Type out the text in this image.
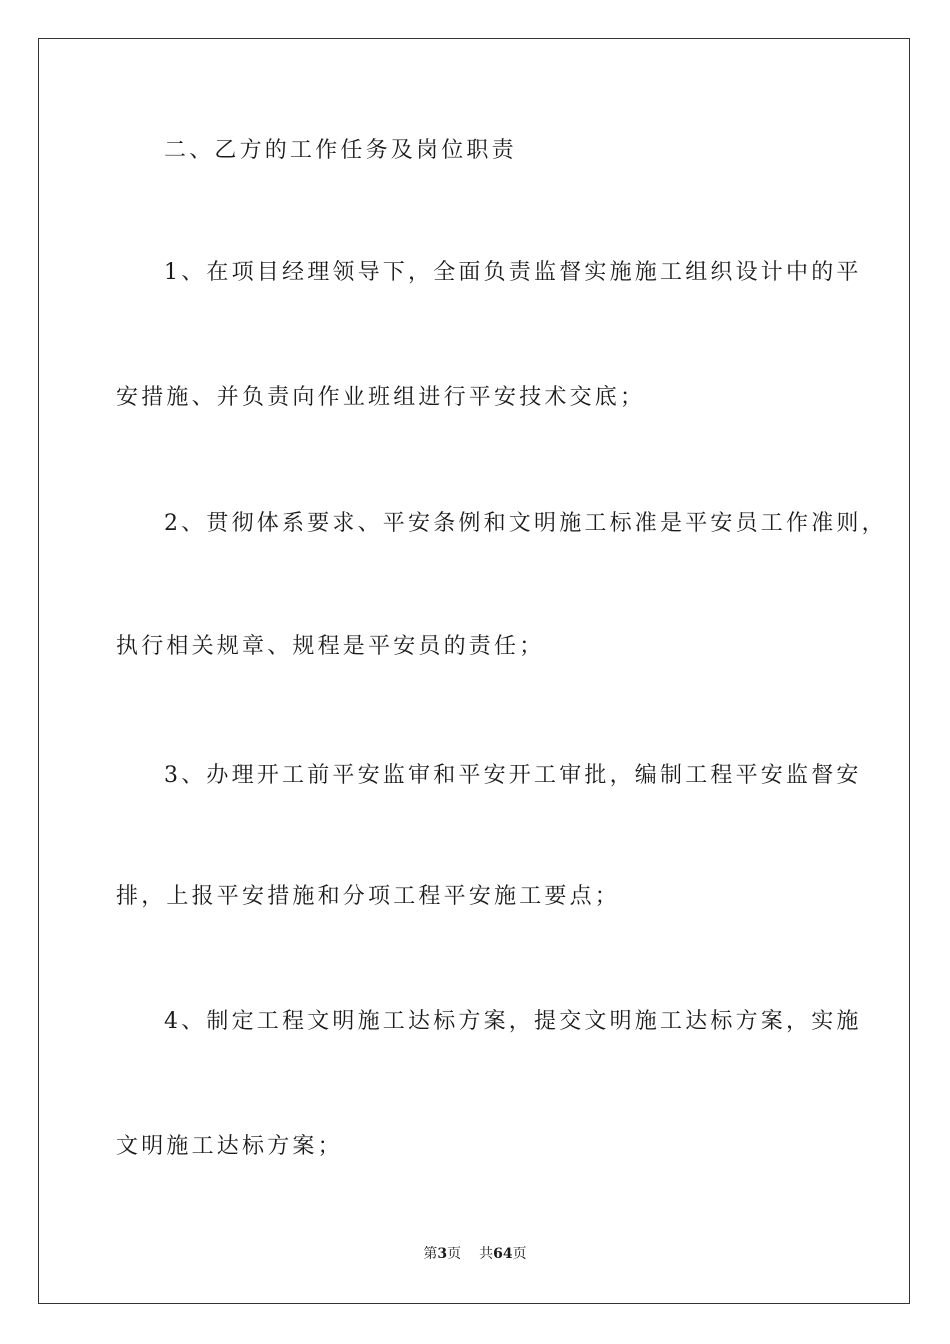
二、乙方的工作任务及岗位职责
1、在项目经理领导下，全面负责监督实施施工组织设计中的平
安措施、并负责向作业班组进行平安技术交底；
2、贯彻体系要求、平安条例和文明施工标准是平安员工作准则，
执行相关规章、规程是平安员的责任；
3、办理开工前平安监审和平安开工审批，编制工程平安监督安
排，上报平安措施和分项工程平安施工要点；
4、制定工程文明施工达标方案，提交文明施工达标方案，实施
文明施工达标方案；
第3页 共64页
